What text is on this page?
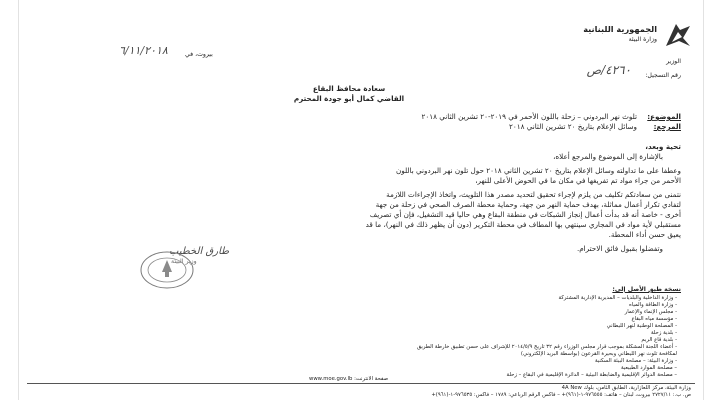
الجمهورية اللبنانية
وزارة البيئة
بيروت، في
٦/١١/٢٠١٨
الوزير
رقم التسجيل:
٤٢٦٠/ص
سعادة محافظ البقاع
القاضي كمال أبو جودة المحترم
الموضوع:
تلوث نهر البردوني – زحلة باللون الأحمر في ٢٠١٩-٢٠ تشرين الثاني ٢٠١٨
المرجع:
وسائل الإعلام بتاريخ ٢٠ تشرين الثاني ٢٠١٨
تحية وبعد،
بالإشارة إلى الموضوع والمرجع أعلاه،
وعطفا على ما تداولته وسائل الإعلام بتاريخ ٢٠ تشرين الثاني ٢٠١٨ حول تلون نهر البردوني باللون
الأحمر من جراء مواد تم تفريغها في مكان ما في الحوض الأعلى للنهر،
نتمنى من سعادتكم تكليف من يلزم لإجراء تحقيق لتحديد مصدر هذا التلويث، واتخاذ الإجراءات اللازمة
لتفادي تكرار أعمال مماثلة، بهدف حماية النهر من جهة، وحماية محطة الصرف الصحي في زحلة من جهة
أخرى - خاصة أنه قد بدأت أعمال إنجاز الشبكات في منطقة البقاع وهي حاليا قيد التشغيل، فإن أي تصريف
مستقبلي لأية مواد في المجاري سينتهي بها المطاف في محطة التكرير (دون أن يظهر ذلك في النهر)، ما قد
يعيق حسن أداء المحطة.
وتفضلوا بقبول فائق الاحترام.
طارق الخطيب
وزير البيئة
نسخة طبق الأصل إلى:
- وزارة الداخلية والبلديات – المديرية الإدارية المشتركة
- وزارة الطاقة والمياه
- مجلس الإنماء والإعمار
- مؤسسة مياه البقاع
- المصلحة الوطنية لنهر الليطاني
- بلدية زحلة
- بلدية قاع الريم
- أعضاء اللجنة المشكلة بموجب قرار مجلس الوزراء رقم ٣٢ تاريخ ٢٠١٤/٥/٩ للإشراف على حسن تطبيق خارطة الطريق
لمكافحة تلوث نهر الليطاني وبحيرة القرعون (بواسطة البريد الإلكتروني)
- وزارة البيئة: – مصلحة البيئة السكنية
– مصلحة الموارد الطبيعية
– مصلحة الدوائر الإقليمية والضابطة البيئية – الدائرة الإقليمية في البقاع – زحلة
وزارة البيئة، مركز اللعازارية، الطابق الثامن، بلوك 4A New
ص. ب.: ٢٧٢٧/١١ بيروت، لبنان – هاتف: ٩٧٦٥٥٥-١-(٩٦١)+ – فاكس الرقم الرباعي: ١٧٨٩ – فاكس: ٩٧٦٥٣٥-١-(٩٦١)+
صفحة الانترنت: www.moe.gov.lb
